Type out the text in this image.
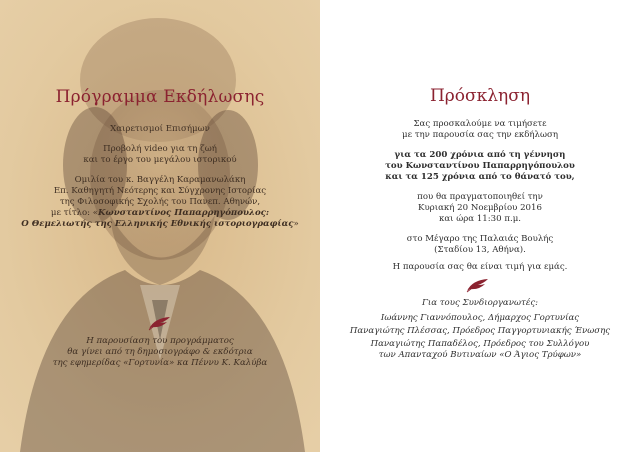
Πρόγραμμα Εκδήλωσης
Χαιρετισμοί Επισήμων
Προβολή video για τη ζωή
και το έργο του μεγάλου ιστορικού
Ομιλία του κ. Βαγγέλη Καραμανωλάκη
Επ. Καθηγητή Νεότερης και Σύγχρονης Ιστορίας
της Φιλοσοφικής Σχολής του Πανεπ. Αθηνών,
με τίτλο: «Κωνσταντίνος Παπαρρηγόπουλος:
Ο Θεμελιωτής της Ελληνικής Εθνικής ιστοριογραφίας»
Η παρουσίαση του προγράμματος
θα γίνει από τη δημοσιογράφο & εκδότρια
της εφημερίδας «Γορτυνία» κα Πέννυ Κ. Καλύβα
Πρόσκληση
Σας προσκαλούμε να τιμήσετε
με την παρουσία σας την εκδήλωση
για τα 200 χρόνια από τη γέννηση
του Κωνσταντίνου Παπαρρηγόπουλου
και τα 125 χρόνια από το θάνατό του,
που θα πραγματοποιηθεί την
Κυριακή 20 Νοεμβρίου 2016
και ώρα 11:30 π.μ.
στο Μέγαρο της Παλαιάς Βουλής
(Σταδίου 13, Αθήνα).
Η παρουσία σας θα είναι τιμή για εμάς.
Για τους Συνδιοργανωτές:
Ιωάννης Γιαννόπουλος, Δήμαρχος Γορτυνίας
Παναγιώτης Πλέσσας, Πρόεδρος Παγγορτυνιακής Ένωσης
Παναγιώτης Παπαδέλος, Πρόεδρος του Συλλόγου
των Απανταχού Βυτιναίων «Ο Άγιος Τρύφων»
